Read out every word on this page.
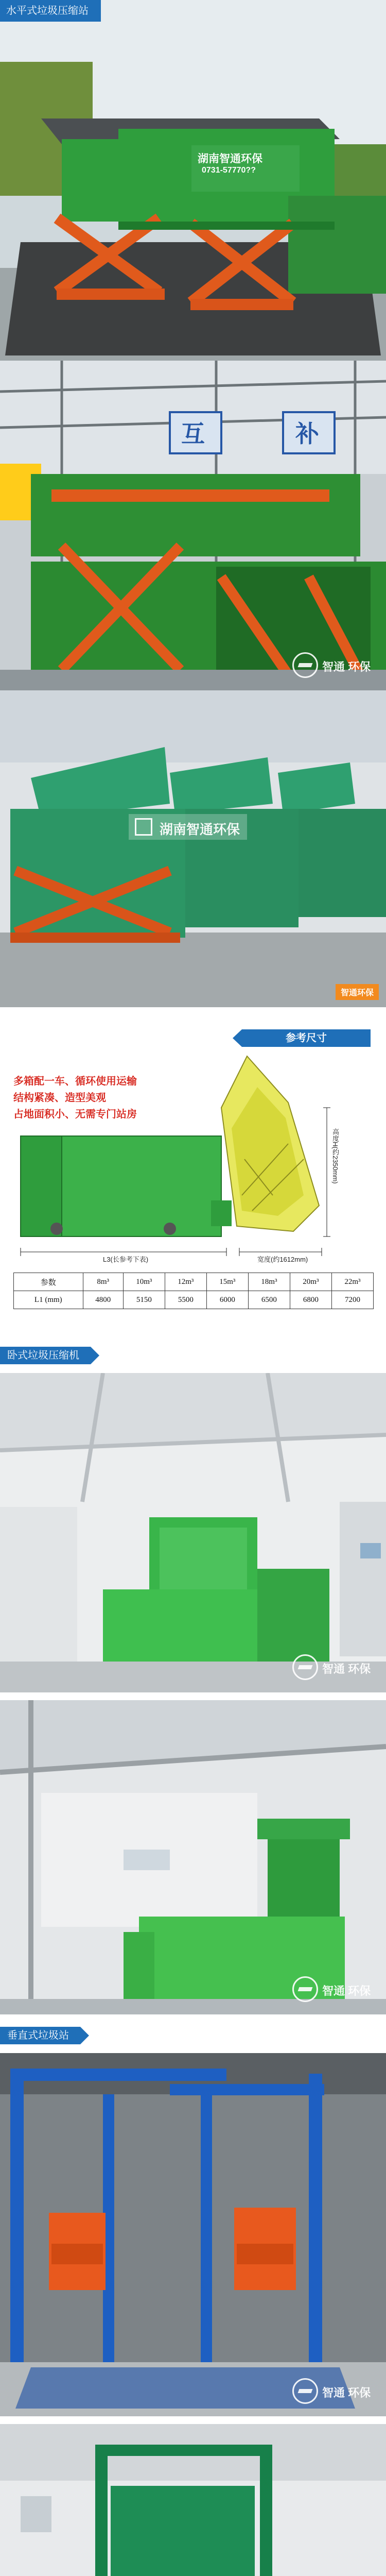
水平式垃圾压缩站
湖南智通环保
0731-57770??
互	补
智通 环保
湖南智通环保
智通环保
参考尺寸
多箱配一车、循环使用运输
结构紧凑、造型美观
占地面积小、无需专门站房
L3(长参考下表)	宽度(约1612mm)
高度H(约2350mm)
参数	8m³	10m³	12m³	15m³	18m³	20m³	22m³
L1 (mm)	4800	5150	5500	6000	6500	6800	7200
卧式垃圾压缩机
智通 环保
智通 环保
垂直式垃圾站
智通 环保
